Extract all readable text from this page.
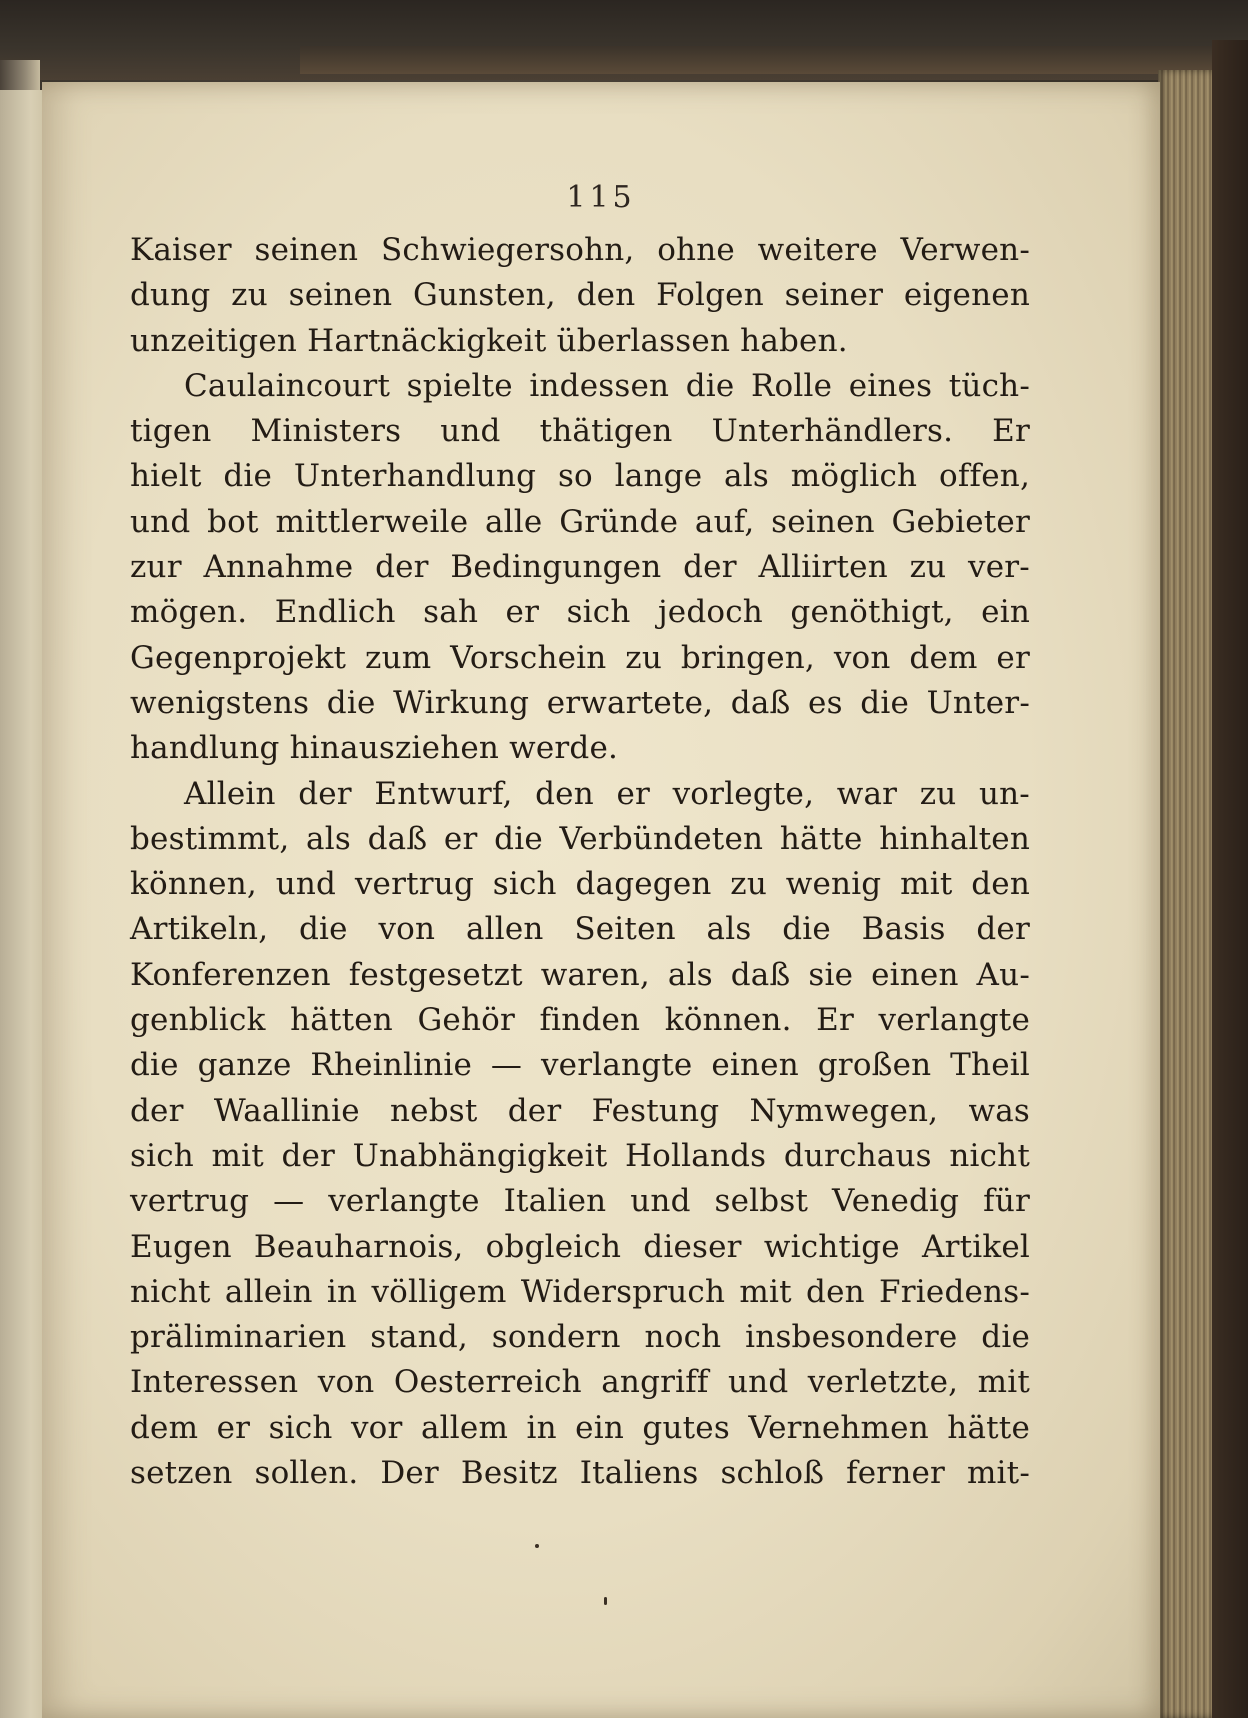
115
Kaiser seinen Schwiegersohn, ohne weitere Verwen-
dung zu seinen Gunsten, den Folgen seiner eigenen
unzeitigen Hartnäckigkeit überlassen haben.
Caulaincourt spielte indessen die Rolle eines tüch-
tigen Ministers und thätigen Unterhändlers. Er
hielt die Unterhandlung so lange als möglich offen,
und bot mittlerweile alle Gründe auf, seinen Gebieter
zur Annahme der Bedingungen der Alliirten zu ver-
mögen. Endlich sah er sich jedoch genöthigt, ein
Gegenprojekt zum Vorschein zu bringen, von dem er
wenigstens die Wirkung erwartete, daß es die Unter-
handlung hinausziehen werde.
Allein der Entwurf, den er vorlegte, war zu un-
bestimmt, als daß er die Verbündeten hätte hinhalten
können, und vertrug sich dagegen zu wenig mit den
Artikeln, die von allen Seiten als die Basis der
Konferenzen festgesetzt waren, als daß sie einen Au-
genblick hätten Gehör finden können. Er verlangte
die ganze Rheinlinie — verlangte einen großen Theil
der Waallinie nebst der Festung Nymwegen, was
sich mit der Unabhängigkeit Hollands durchaus nicht
vertrug — verlangte Italien und selbst Venedig für
Eugen Beauharnois, obgleich dieser wichtige Artikel
nicht allein in völligem Widerspruch mit den Friedens-
präliminarien stand, sondern noch insbesondere die
Interessen von Oesterreich angriff und verletzte, mit
dem er sich vor allem in ein gutes Vernehmen hätte
setzen sollen. Der Besitz Italiens schloß ferner mit-
